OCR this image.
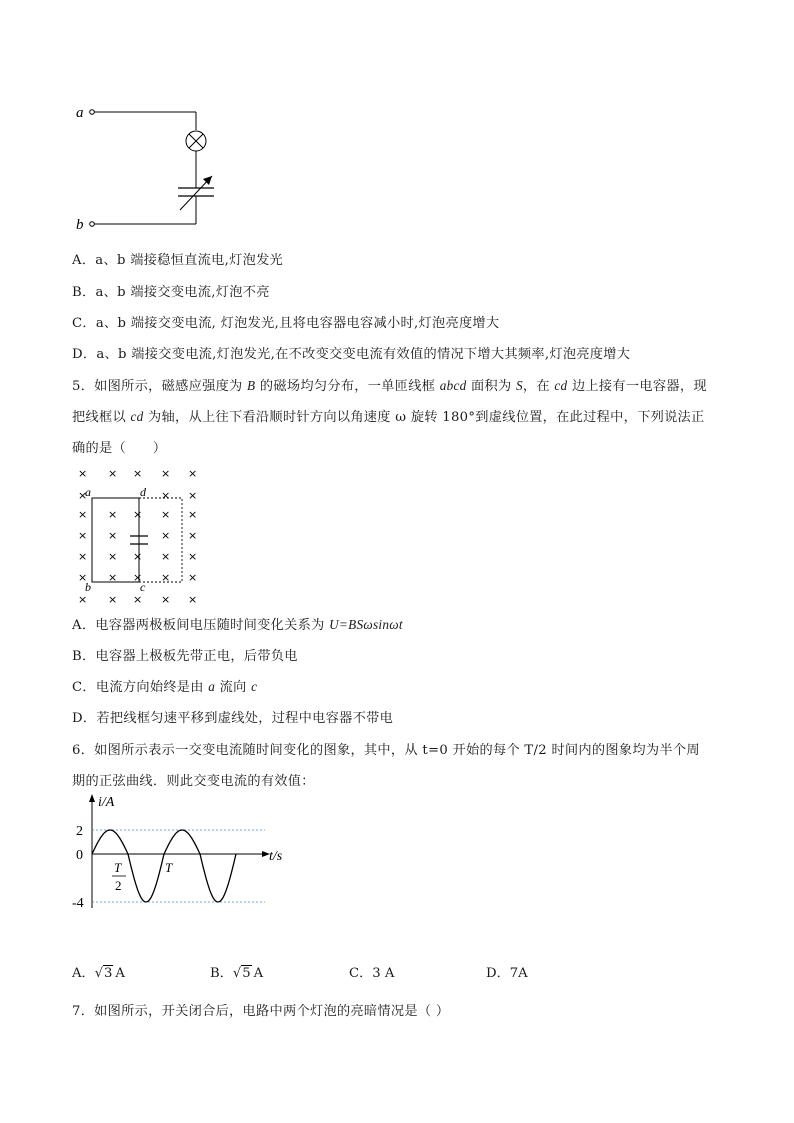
a
b
A．a、b 端接稳恒直流电,灯泡发光
B．a、b 端接交变电流,灯泡不亮
C．a、b 端接交变电流, 灯泡发光,且将电容器电容减小时,灯泡亮度增大
D．a、b 端接交变电流,灯泡发光,在不改变交变电流有效值的情况下增大其频率,灯泡亮度增大
5．如图所示，磁感应强度为 B 的磁场均匀分布，一单匝线框 abcd 面积为 S，在 cd 边上接有一电容器，现
把线框以 cd 为轴，从上往下看沿顺时针方向以角速度 ω 旋转 180°到虚线位置，在此过程中，下列说法正
确的是（　　）
× × × × ×
×	× ×
× × × × ×
× ×	× ×
× × × × ×
× × × × ×
× × × × ×
a	d
b	c
A．电容器两极板间电压随时间变化关系为 U=BSωsinωt
B．电容器上极板先带正电，后带负电
C．电流方向始终是由 a 流向 c
D．若把线框匀速平移到虚线处，过程中电容器不带电
6．如图所示表示一交变电流随时间变化的图象，其中，从 t=0 开始的每个 T/2 时间内的图象均为半个周
期的正弦曲线．则此交变电流的有效值：
i/A
t/s
2
0
-4
T
2
T
A．√3 A	B．√5 A	C．3 A	D．7A
7．如图所示，开关闭合后，电路中两个灯泡的亮暗情况是（ ）
